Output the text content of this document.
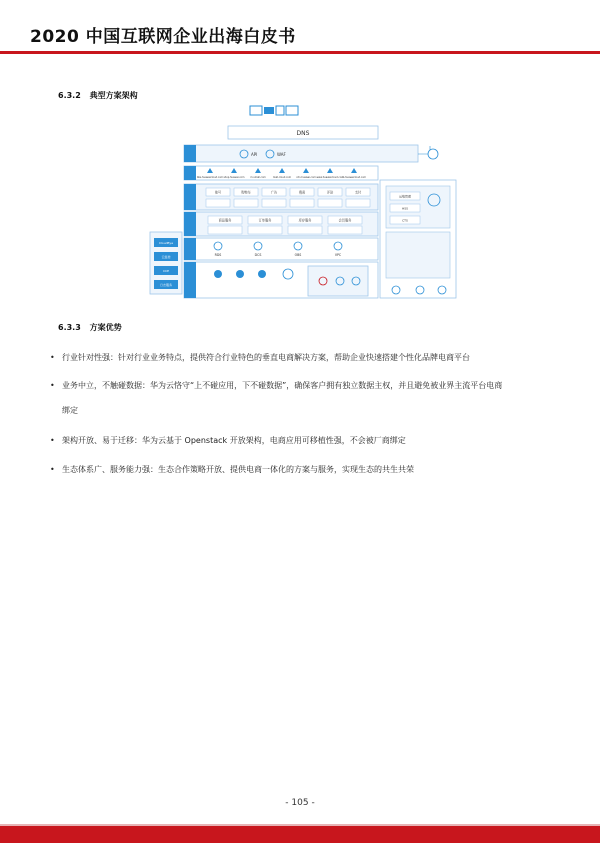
2020 中国互联网企业出海白皮书
6.3.2 典型方案架构
DNS
API	WAF
bbs.huaweicloud.com shop.huawei.com m.vmall.com	mall.cloud.com cdn.huawei.com www.huaweicloud.com
m.huaweicloud.com
账号	购物车	广告	搜索	评论	支付
商品服务	订单服务	库存服务	会员服务
RDS	DCS	OBS	VPC
CloudEye
云监控
CCE
日志服务
运维管理
HSS
CTS
6.3.3 方案优势
• 行业针对性强：针对行业业务特点，提供符合行业特色的垂直电商解决方案，帮助企业快速搭建个性化品牌电商平台
• 业务中立，不触碰数据：华为云恪守“上不碰应用，下不碰数据”，确保客户拥有独立数据主权，并且避免被业界主流平台电商
绑定
• 架构开放、易于迁移：华为云基于 Openstack 开放架构，电商应用可移植性强，不会被厂商绑定
• 生态体系广、服务能力强：生态合作策略开放、提供电商一体化的方案与服务，实现生态的共生共荣
- 105 -
